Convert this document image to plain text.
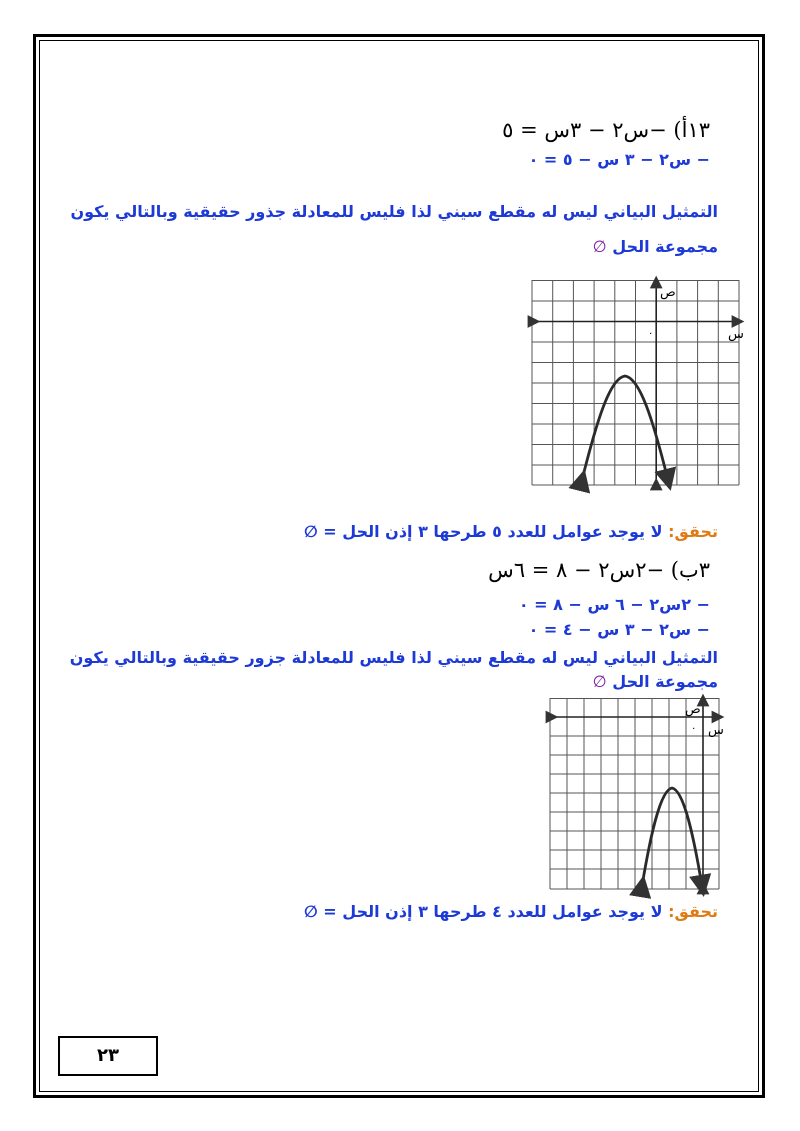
١٣أ) −س٢ − ٣س = ٥
− س٢ − ٣ س − ٥ = ٠
التمثيل البياني ليس له مقطع سيني لذا فليس للمعادلة جذور حقيقية وبالتالي يكون
مجموعة الحل ∅
س
ص
٠
تحقق: لا يوجد عوامل للعدد ٥ طرحها ٣ إذن الحل = ∅
٣ب) −٢س٢ − ٨ = ٦س
− ٢س٢ − ٦ س − ٨ = ٠
− س٢ − ٣ س − ٤ = ٠
التمثيل البياني ليس له مقطع سيني لذا فليس للمعادلة جزور حقيقية وبالتالي يكون
مجموعة الحل ∅
س
ص
٠
تحقق: لا يوجد عوامل للعدد ٤ طرحها ٣ إذن الحل = ∅
٢٣
